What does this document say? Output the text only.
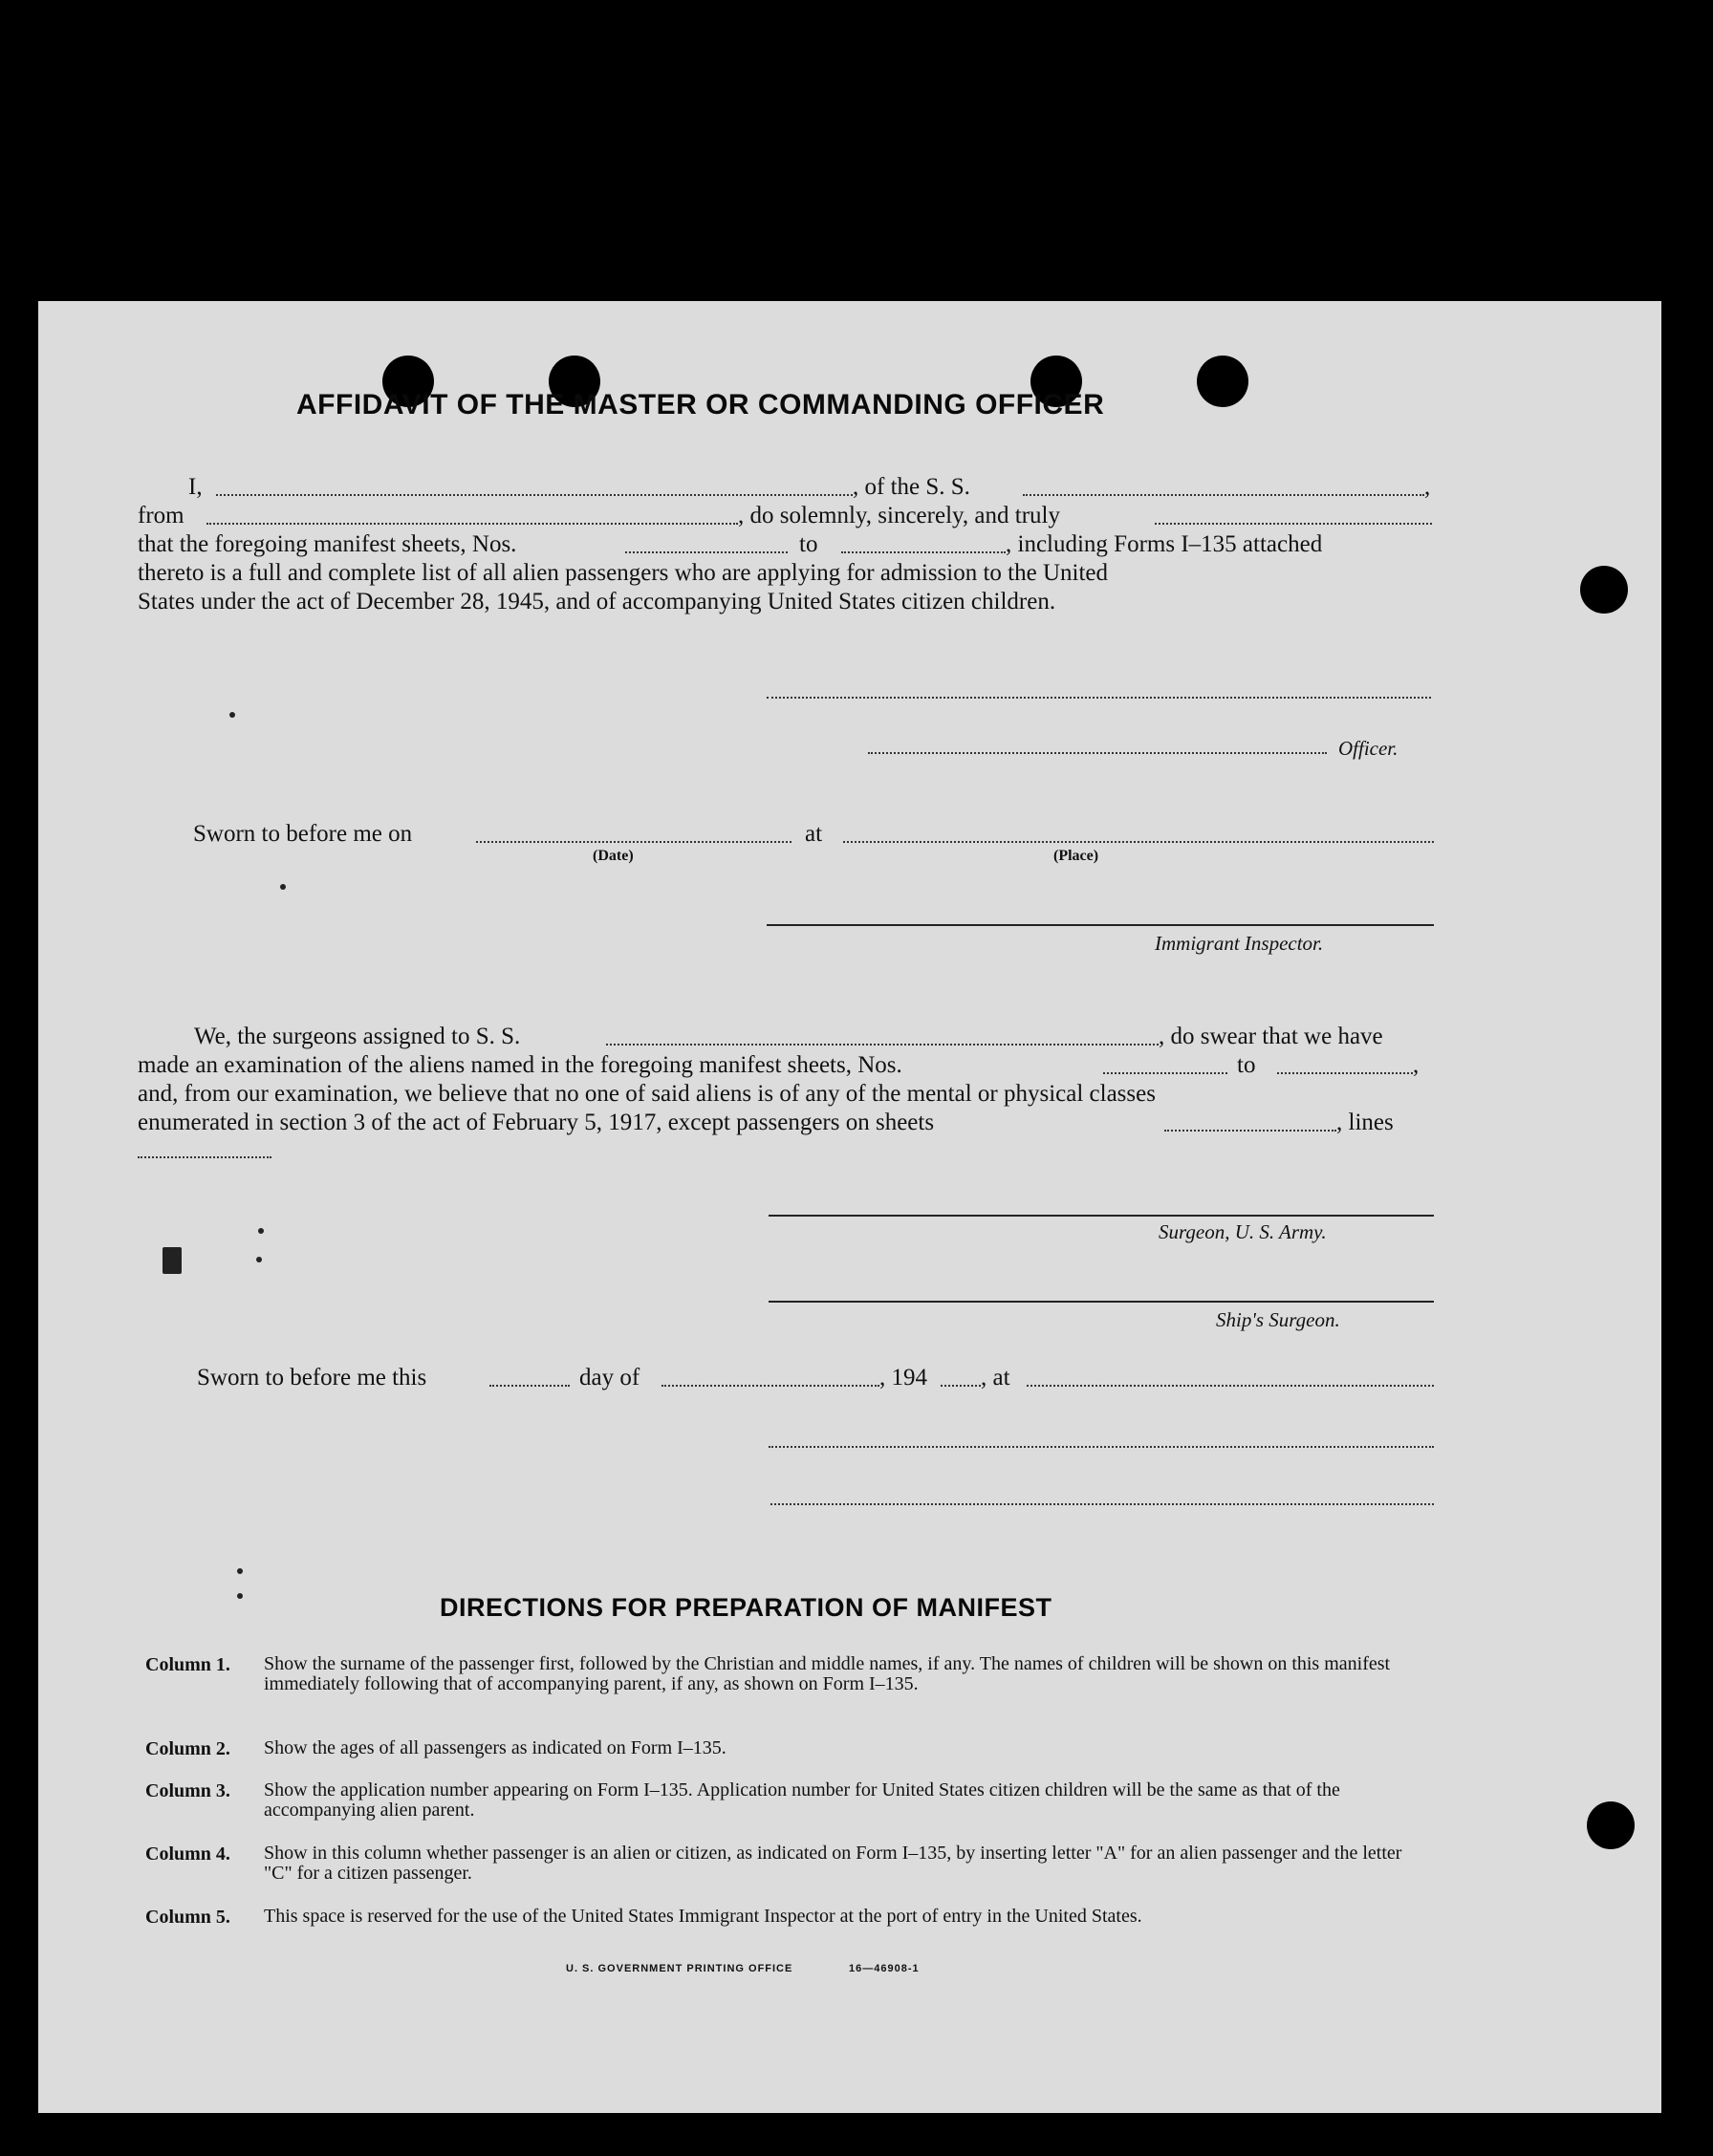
AFFIDAVIT OF THE MASTER OR COMMANDING OFFICER
I,	, of the S. S.	,
from	, do solemnly, sincerely, and truly
that the foregoing manifest sheets, Nos.	to	, including Forms I–135 attached
thereto is a full and complete list of all alien passengers who are applying for admission to the United
States under the act of December 28, 1945, and of accompanying United States citizen children.
Officer.
Sworn to before me on
(Date)
at
(Place)
Immigrant Inspector.
We, the surgeons assigned to S. S.	, do swear that we have
made an examination of the aliens named in the foregoing manifest sheets, Nos.	to	,
and, from our examination, we believe that no one of said aliens is of any of the mental or physical classes
enumerated in section 3 of the act of February 5, 1917, except passengers on sheets	, lines
Surgeon, U. S. Army.
Ship's Surgeon.
Sworn to before me this	day of	, 194 , at
DIRECTIONS FOR PREPARATION OF MANIFEST
Column 1. Show the surname of the passenger first, followed by the Christian and middle names, if any. The names of children will be shown on this manifest immediately following that of accompanying parent, if any, as shown on Form I–135.
Column 2. Show the ages of all passengers as indicated on Form I–135.
Column 3. Show the application number appearing on Form I–135. Application number for United States citizen children will be the same as that of the accompanying alien parent.
Column 4. Show in this column whether passenger is an alien or citizen, as indicated on Form I–135, by inserting letter "A" for an alien passenger and the letter "C" for a citizen passenger.
Column 5. This space is reserved for the use of the United States Immigrant Inspector at the port of entry in the United States.
U. S. GOVERNMENT PRINTING OFFICE	16—46908-1
